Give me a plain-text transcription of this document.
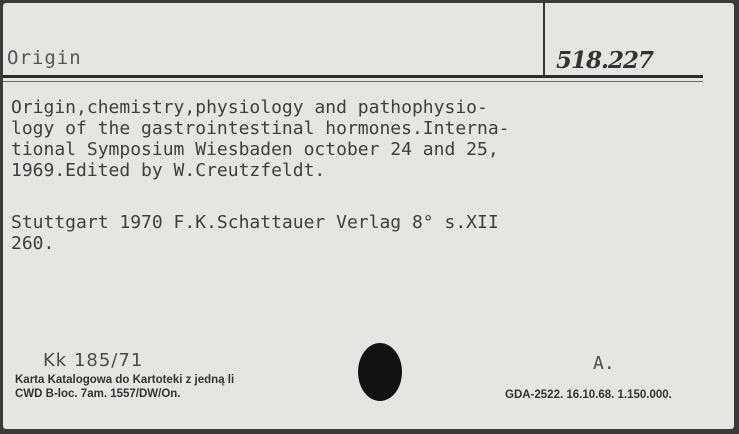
Origin	518.227
Origin,chemistry,physiology and pathophysio-
logy of the gastrointestinal hormones.Interna-
tional Symposium Wiesbaden october 24 and 25,
1969.Edited by W.Creutzfeldt.
Stuttgart 1970 F.K.Schattauer Verlag 8° s.XII
260.
Kk 185/71
Karta Katalogowa do Kartoteki z jedną li
CWD B-loc. 7am. 1557/DW/On.
A.
GDA-2522. 16.10.68. 1.150.000.
